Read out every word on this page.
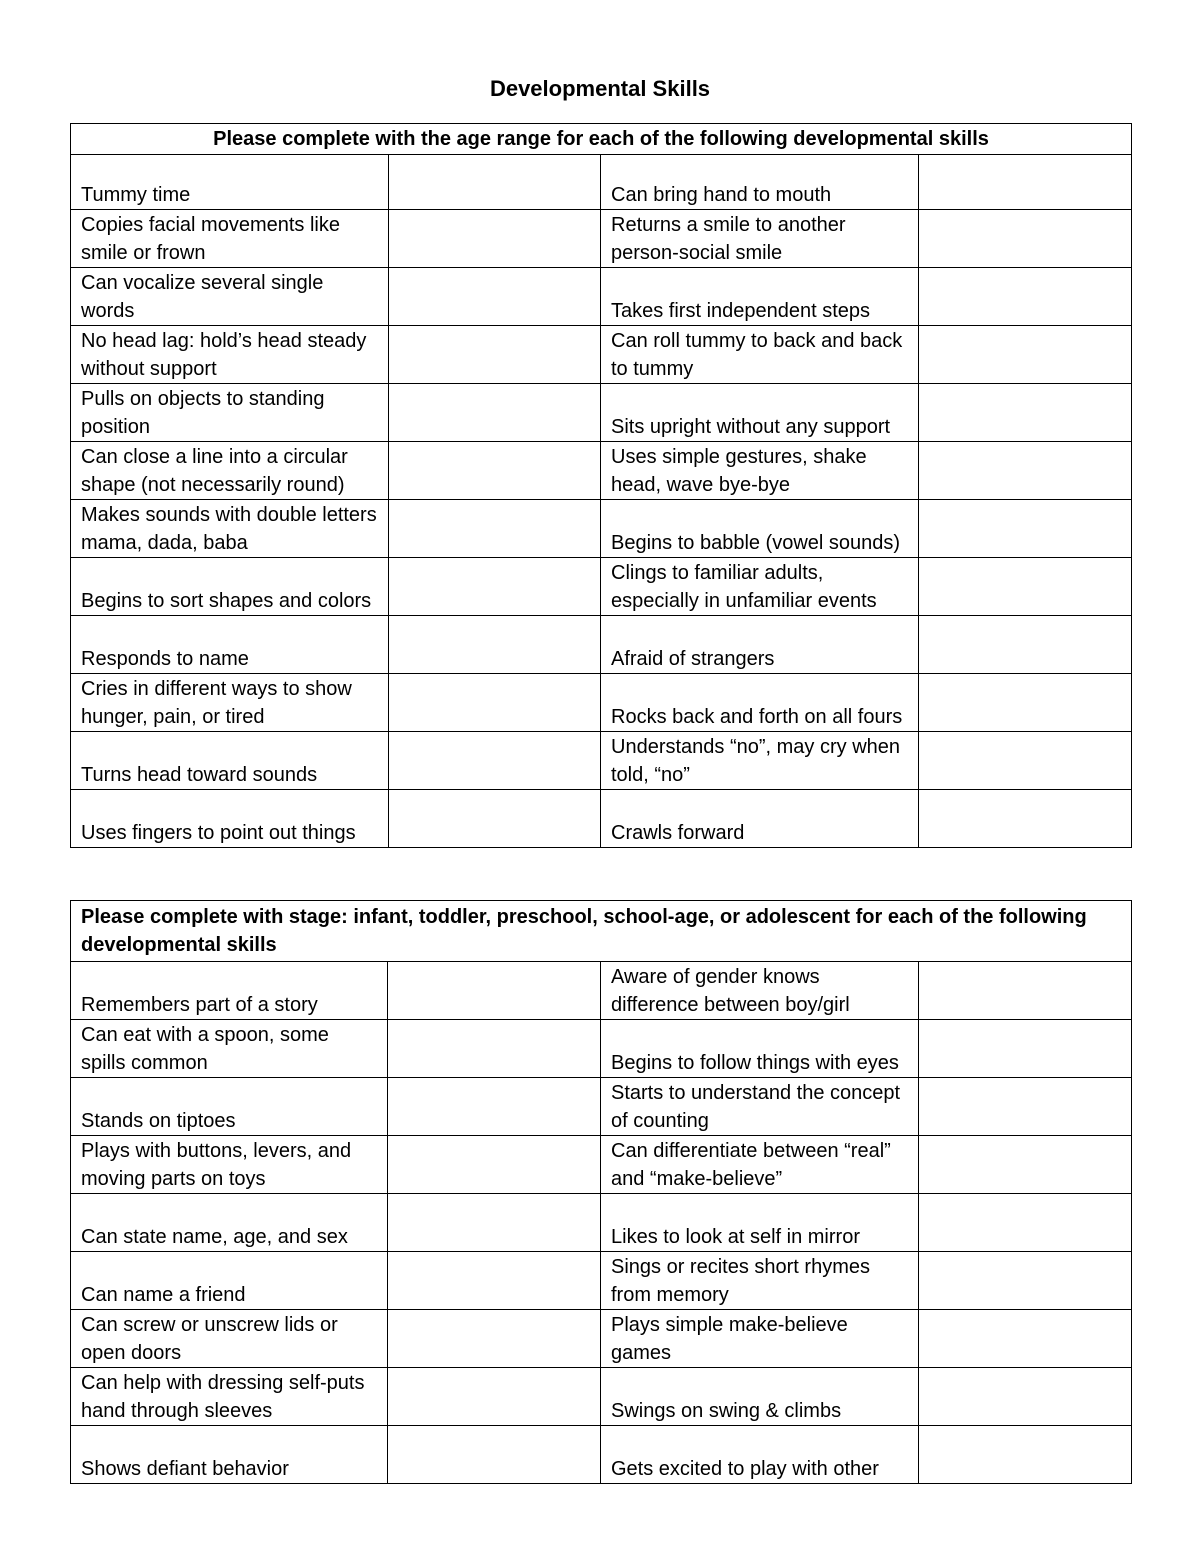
Developmental Skills
Please complete with the age range for each of the following developmental skills			
Tummy time		Can bring hand to mouth	
Copies facial movements like smile or frown		Returns a smile to another person-social smile	
Can vocalize several single words		Takes first independent steps	
No head lag: hold’s head steady without support		Can roll tummy to back and back to tummy	
Pulls on objects to standing position		Sits upright without any support	
Can close a line into a circular shape (not necessarily round)		Uses simple gestures, shake head, wave bye-bye	
Makes sounds with double letters mama, dada, baba		Begins to babble (vowel sounds)	
Begins to sort shapes and colors		Clings to familiar adults, especially in unfamiliar events	
Responds to name		Afraid of strangers	
Cries in different ways to show hunger, pain, or tired		Rocks back and forth on all fours	
Turns head toward sounds		Understands “no”, may cry when told, “no”	
Uses fingers to point out things		Crawls forward	
Please complete with stage: infant, toddler, preschool, school-age, or adolescent for each of the following developmental skills			
Remembers part of a story		Aware of gender knows difference between boy/girl	
Can eat with a spoon, some spills common		Begins to follow things with eyes	
Stands on tiptoes		Starts to understand the concept of counting	
Plays with buttons, levers, and moving parts on toys		Can differentiate between “real” and “make-believe”	
Can state name, age, and sex		Likes to look at self in mirror	
Can name a friend		Sings or recites short rhymes from memory	
Can screw or unscrew lids or open doors		Plays simple make-believe games	
Can help with dressing self-puts hand through sleeves		Swings on swing & climbs	
Shows defiant behavior		Gets excited to play with other	
